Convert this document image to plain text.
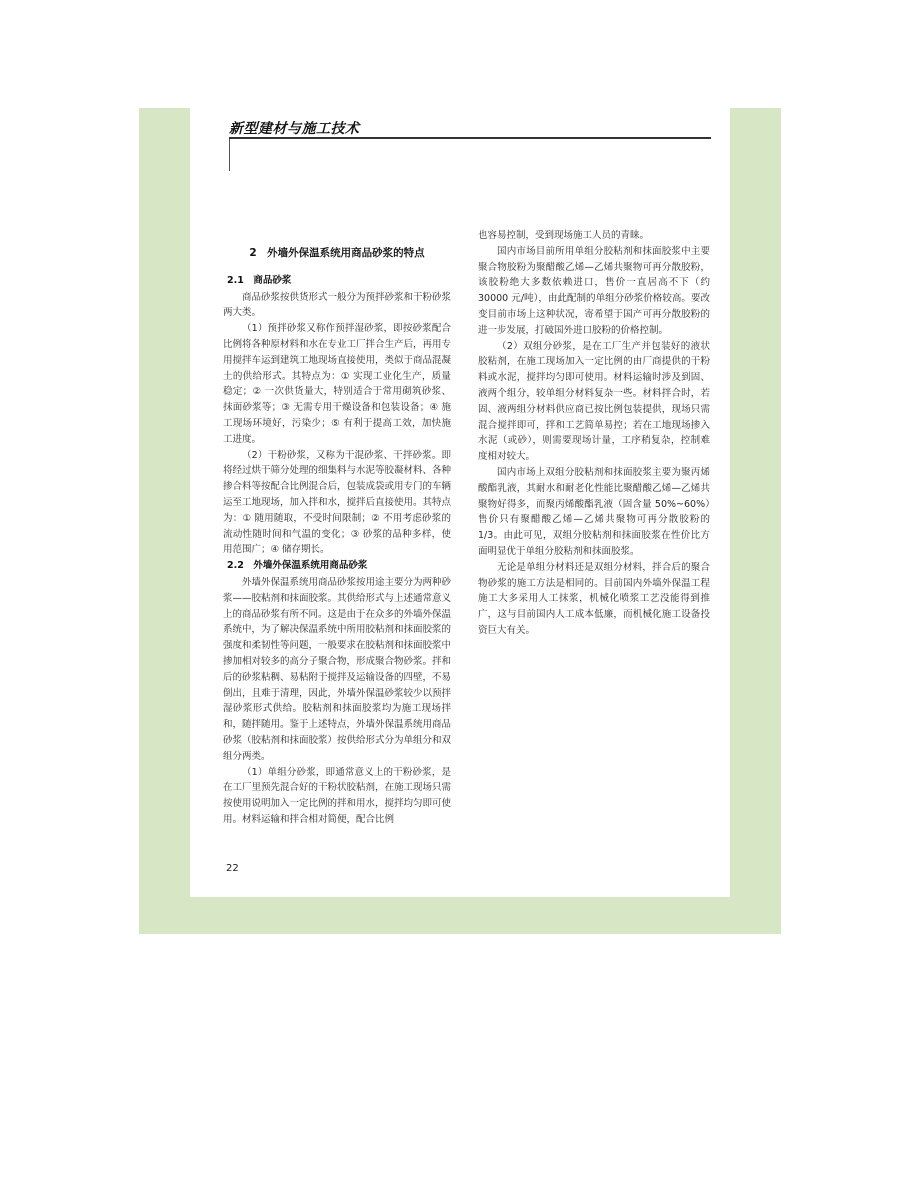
新型建材与施工技术
2　外墙外保温系统用商品砂浆的特点
2.1　商品砂浆

商品砂浆按供货形式一般分为预拌砂浆和干粉砂浆两大类。

（1）预拌砂浆又称作预拌湿砂浆，即按砂浆配合比例将各种原材料和水在专业工厂拌合生产后，再用专用搅拌车运到建筑工地现场直接使用，类似于商品混凝土的供给形式。其特点为：① 实现工业化生产，质量稳定；② 一次供货量大，特别适合于常用砌筑砂浆、抹面砂浆等；③ 无需专用干燥设备和包装设备；④ 施工现场环境好，污染少；⑤ 有利于提高工效，加快施工进度。

（2）干粉砂浆，又称为干混砂浆、干拌砂浆。即将经过烘干筛分处理的细集料与水泥等胶凝材料、各种掺合料等按配合比例混合后，包装成袋或用专门的车辆运至工地现场，加入拌和水，搅拌后直接使用。其特点为：① 随用随取，不受时间限制；② 不用考虑砂浆的流动性随时间和气温的变化；③ 砂浆的品种多样，使用范围广；④ 储存期长。

2.2　外墙外保温系统用商品砂浆

外墙外保温系统用商品砂浆按用途主要分为两种砂浆——胶粘剂和抹面胶浆。其供给形式与上述通常意义上的商品砂浆有所不同。这是由于在众多的外墙外保温系统中，为了解决保温系统中所用胶粘剂和抹面胶浆的强度和柔韧性等问题，一般要求在胶粘剂和抹面胶浆中掺加相对较多的高分子聚合物，形成聚合物砂浆。拌和后的砂浆粘稠、易粘附于搅拌及运输设备的四壁，不易倒出，且难于清理，因此，外墙外保温砂浆较少以预拌湿砂浆形式供给。胶粘剂和抹面胶浆均为施工现场拌和，随拌随用。鉴于上述特点，外墙外保温系统用商品砂浆（胶粘剂和抹面胶浆）按供给形式分为单组分和双组分两类。

（1）单组分砂浆，即通常意义上的干粉砂浆，是在工厂里预先混合好的干粉状胶粘剂，在施工现场只需按使用说明加入一定比例的拌和用水，搅拌均匀即可使用。材料运输和拌合相对简便，配合比例

也容易控制，受到现场施工人员的青睐。

国内市场目前所用单组分胶粘剂和抹面胶浆中主要聚合物胶粉为聚醋酸乙烯—乙烯共聚物可再分散胶粉，该胶粉绝大多数依赖进口，售价一直居高不下（约 30000 元/吨），由此配制的单组分砂浆价格较高。要改变目前市场上这种状况，寄希望于国产可再分散胶粉的进一步发展，打破国外进口胶粉的价格控制。

（2）双组分砂浆，是在工厂生产并包装好的液状胶粘剂，在施工现场加入一定比例的由厂商提供的干粉料或水泥，搅拌均匀即可使用。材料运输时涉及到固、液两个组分，较单组分材料复杂一些。材料拌合时，若固、液两组分材料供应商已按比例包装提供，现场只需混合搅拌即可，拌和工艺简单易控；若在工地现场掺入水泥（或砂），则需要现场计量，工序稍复杂，控制难度相对较大。

国内市场上双组分胶粘剂和抹面胶浆主要为聚丙烯酸酯乳液，其耐水和耐老化性能比聚醋酸乙烯—乙烯共聚物好得多，而聚丙烯酸酯乳液（固含量 50%~60%）售价只有聚醋酸乙烯—乙烯共聚物可再分散胶粉的 1/3。由此可见，双组分胶粘剂和抹面胶浆在性价比方面明显优于单组分胶粘剂和抹面胶浆。

无论是单组分材料还是双组分材料，拌合后的聚合物砂浆的施工方法是相同的。目前国内外墙外保温工程施工大多采用人工抹浆，机械化喷浆工艺没能得到推广，这与目前国内人工成本低廉，而机械化施工设备投资巨大有关。

22
